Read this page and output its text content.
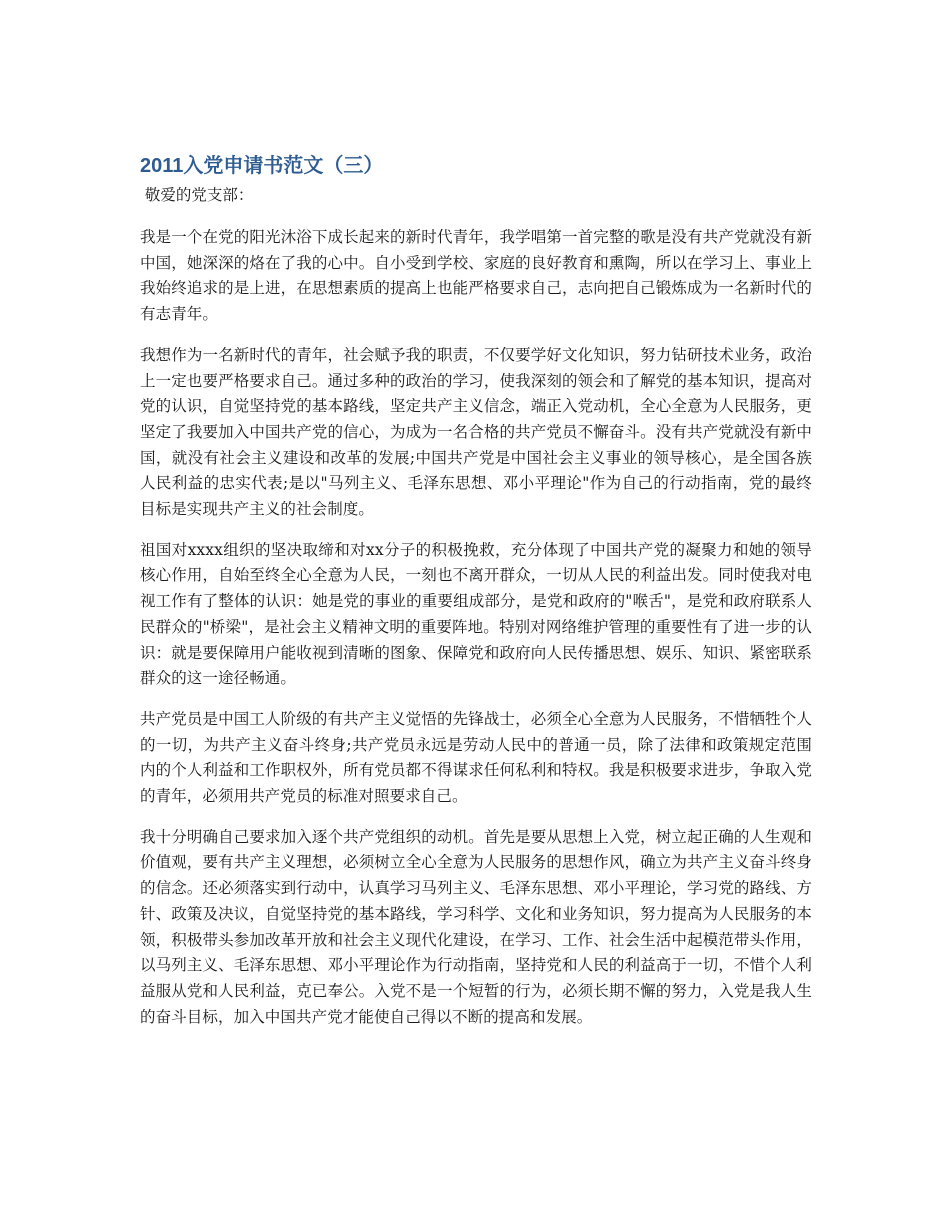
2011入党申请书范文（三）

敬爱的党支部：

我是一个在党的阳光沐浴下成长起来的新时代青年，我学唱第一首完整的歌是没有共产党就没有新中国，她深深的烙在了我的心中。自小受到学校、家庭的良好教育和熏陶，所以在学习上、事业上我始终追求的是上进，在思想素质的提高上也能严格要求自己，志向把自己锻炼成为一名新时代的有志青年。

我想作为一名新时代的青年，社会赋予我的职责，不仅要学好文化知识，努力钻研技术业务，政治上一定也要严格要求自己。通过多种的政治的学习，使我深刻的领会和了解党的基本知识，提高对党的认识，自觉坚持党的基本路线，坚定共产主义信念，端正入党动机，全心全意为人民服务，更坚定了我要加入中国共产党的信心，为成为一名合格的共产党员不懈奋斗。没有共产党就没有新中国，就没有社会主义建设和改革的发展;中国共产党是中国社会主义事业的领导核心，是全国各族人民利益的忠实代表;是以"马列主义、毛泽东思想、邓小平理论"作为自己的行动指南，党的最终目标是实现共产主义的社会制度。

祖国对xxxx组织的坚决取缔和对xx分子的积极挽救，充分体现了中国共产党的凝聚力和她的领导核心作用，自始至终全心全意为人民，一刻也不离开群众，一切从人民的利益出发。同时使我对电视工作有了整体的认识：她是党的事业的重要组成部分，是党和政府的"喉舌"，是党和政府联系人民群众的"桥梁"，是社会主义精神文明的重要阵地。特别对网络维护管理的重要性有了进一步的认识：就是要保障用户能收视到清晰的图象、保障党和政府向人民传播思想、娱乐、知识、紧密联系群众的这一途径畅通。

共产党员是中国工人阶级的有共产主义觉悟的先锋战士，必须全心全意为人民服务，不惜牺牲个人的一切，为共产主义奋斗终身;共产党员永远是劳动人民中的普通一员，除了法律和政策规定范围内的个人利益和工作职权外，所有党员都不得谋求任何私利和特权。我是积极要求进步，争取入党的青年，必须用共产党员的标准对照要求自己。

我十分明确自己要求加入逐个共产党组织的动机。首先是要从思想上入党，树立起正确的人生观和价值观，要有共产主义理想，必须树立全心全意为人民服务的思想作风，确立为共产主义奋斗终身的信念。还必须落实到行动中，认真学习马列主义、毛泽东思想、邓小平理论，学习党的路线、方针、政策及决议，自觉坚持党的基本路线，学习科学、文化和业务知识，努力提高为人民服务的本领，积极带头参加改革开放和社会主义现代化建设，在学习、工作、社会生活中起模范带头作用，以马列主义、毛泽东思想、邓小平理论作为行动指南，坚持党和人民的利益高于一切，不惜个人利益服从党和人民利益，克已奉公。入党不是一个短暂的行为，必须长期不懈的努力，入党是我人生的奋斗目标，加入中国共产党才能使自己得以不断的提高和发展。
